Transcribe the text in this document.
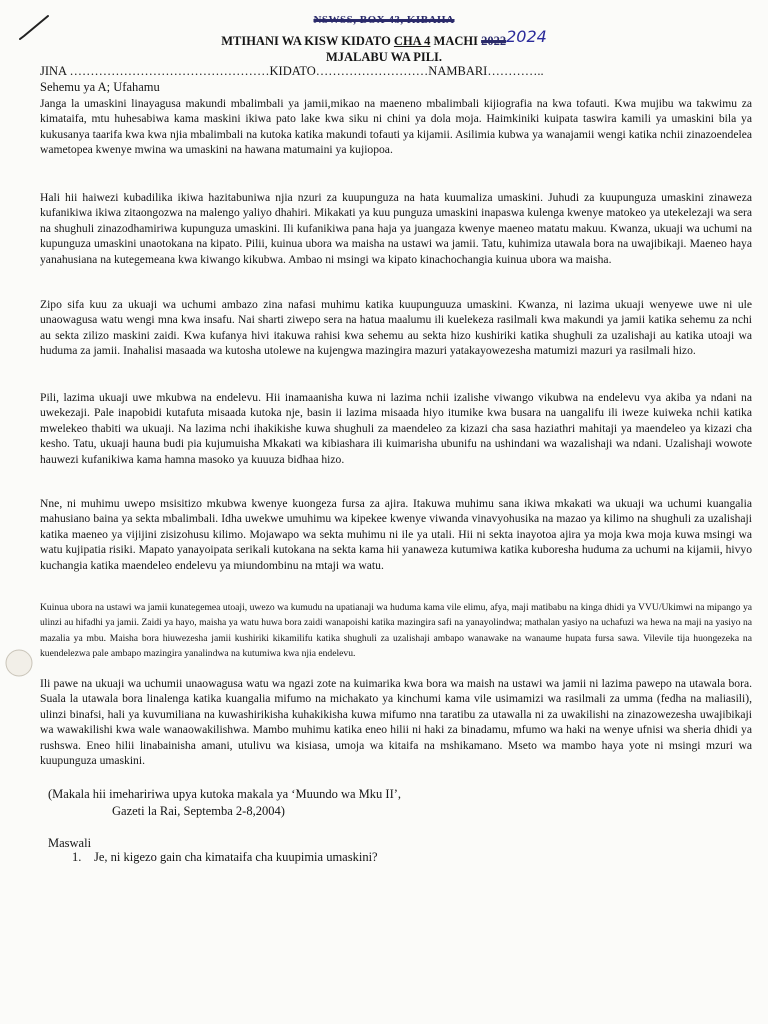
NSWSS, BOX 43, KIBAHA
MTIHANI WA KISW KIDATO CHA 4 MACHI 20222024
MJALABU WA PILI.
JINA …………………………………………KIDATO………………………NAMBARI…………..
Sehemu ya A; Ufahamu

Janga la umaskini linayagusa makundi mbalimbali ya jamii,mikao na maeneno mbalimbali kijiografia na kwa tofauti. Kwa mujibu wa takwimu za kimataifa, mtu huhesabiwa kama maskini ikiwa pato lake kwa siku ni chini ya dola moja. Haimkiniki kuipata taswira kamili ya umaskini bila ya kukusanya taarifa kwa kwa njia mbalimbali na kutoka katika makundi tofauti ya kijamii. Asilimia kubwa ya wanajamii wengi katika nchii zinazoendelea wametopea kwenye mwina wa umaskini na hawana matumaini ya kujiopoa.

Hali hii haiwezi kubadilika ikiwa hazitabuniwa njia nzuri za kuupunguza na hata kuumaliza umaskini. Juhudi za kuupunguza umaskini zinaweza kufanikiwa ikiwa zitaongozwa na malengo yaliyo dhahiri. Mikakati ya kuu punguza umaskini inapaswa kulenga kwenye matokeo ya utekelezaji wa sera na shughuli zinazodhamiriwa kupunguza umaskini. Ili kufanikiwa pana haja ya juangaza kwenye maeneo matatu makuu. Kwanza, ukuaji wa uchumi na kupunguza umaskini unaotokana na kipato. Pilii, kuinua ubora wa maisha na ustawi wa jamii. Tatu, kuhimiza utawala bora na uwajibikaji. Maeneo haya yanahusiana na kutegemeana kwa kiwango kikubwa. Ambao ni msingi wa kipato kinachochangia kuinua ubora wa maisha.

Zipo sifa kuu za ukuaji wa uchumi ambazo zina nafasi muhimu katika kuupunguuza umaskini. Kwanza, ni lazima ukuaji wenyewe uwe ni ule unaowagusa watu wengi mna kwa insafu. Nai sharti ziwepo sera na hatua maalumu ili kuelekeza rasilmali kwa makundi ya jamii katika sehemu za nchi au sekta zilizo maskini zaidi. Kwa kufanya hivi itakuwa rahisi kwa sehemu au sekta hizo kushiriki katika shughuli za uzalishaji au katika utoaji wa huduma za jamii. Inahalisi masaada wa kutosha utolewe na kujengwa mazingira mazuri yatakayowezesha matumizi mazuri ya rasilmali hizo.

Pili, lazima ukuaji uwe mkubwa na endelevu. Hii inamaanisha kuwa ni lazima nchii izalishe viwango vikubwa na endelevu vya akiba ya ndani na uwekezaji. Pale inapobidi kutafuta misaada kutoka nje, basin ii lazima misaada hiyo itumike kwa busara na uangalifu ili iweze kuiweka nchii katika mwelekeo thabiti wa ukuaji. Na lazima nchi ihakikishe kuwa shughuli za maendeleo za kizazi cha sasa haziathri mahitaji ya maendeleo ya kizazi cha kesho. Tatu, ukuaji hauna budi pia kujumuisha Mkakati wa kibiashara ili kuimarisha ubunifu na ushindani wa wazalishaji wa ndani. Uzalishaji wowote hauwezi kufanikiwa kama hamna masoko ya kuuuza bidhaa hizo.

Nne, ni muhimu uwepo msisitizo mkubwa kwenye kuongeza fursa za ajira. Itakuwa muhimu sana ikiwa mkakati wa ukuaji wa uchumi kuangalia mahusiano baina ya sekta mbalimbali. Idha uwekwe umuhimu wa kipekee kwenye viwanda vinavyohusika na mazao ya kilimo na shughuli za uzalishaji katika maeneo ya vijijini zisizohusu kilimo. Mojawapo wa sekta muhimu ni ile ya utali. Hii ni sekta inayotoa ajira ya moja kwa moja kuwa msingi wa watu kujipatia risiki. Mapato yanayoipata serikali kutokana na sekta kama hii yanaweza kutumiwa katika kuboresha huduma za uchumi na kijamii, hivyo kuchangia katika maendeleo endelevu ya miundombinu na mtaji wa watu.

Kuinua ubora na ustawi wa jamii kunategemea utoaji, uwezo wa kumudu na upatianaji wa huduma kama vile elimu, afya, maji matibabu na kinga dhidi ya VVU/Ukimwi na mipango ya ulinzi au hifadhi ya jamii. Zaidi ya hayo, maisha ya watu huwa bora zaidi wanapoishi katika mazingira safi na yanayolindwa; mathalan yasiyo na uchafuzi wa hewa na maji na yasiyo na mazalia ya mbu. Maisha bora hiuwezesha jamii kushiriki kikamilifu katika shughuli za uzalishaji ambapo wanawake na wanaume hupata fursa sawa. Vilevile tija huongezeka na kuendelezwa pale ambapo mazingira yanalindwa na kutumiwa kwa njia endelevu.

Ili pawe na ukuaji wa uchumii unaowagusa watu wa ngazi zote na kuimarika kwa bora wa maish na ustawi wa jamii ni lazima pawepo na utawala bora. Suala la utawala bora linalenga katika kuangalia mifumo na michakato ya kinchumi kama vile usimamizi wa rasilmali za umma (fedha na maliasili), ulinzi binafsi, hali ya kuvumiliana na kuwashirikisha kuhakikisha kuwa mifumo nna taratibu za utawalla ni za uwakilishi na zinazowezesha uwajibikaji wa wawakilishi kwa wale wanaowakilishwa. Mambo muhimu katika eneo hilii ni haki za binadamu, mfumo wa haki na wenye ufnisi wa sheria dhidi ya rushswa. Eneo hilii linabainisha amani, utulivu wa kisiasa, umoja wa kitaifa na mshikamano. Mseto wa mambo haya yote ni msingi mzuri wa kuupunguza umaskini.

(Makala hii imehaririwa upya kutoka makala ya ‘Muundo wa Mku II’,
Gazeti la Rai, Septemba 2-8,2004)
Maswali
1. Je, ni kigezo gain cha kimataifa cha kuupimia umaskini?
